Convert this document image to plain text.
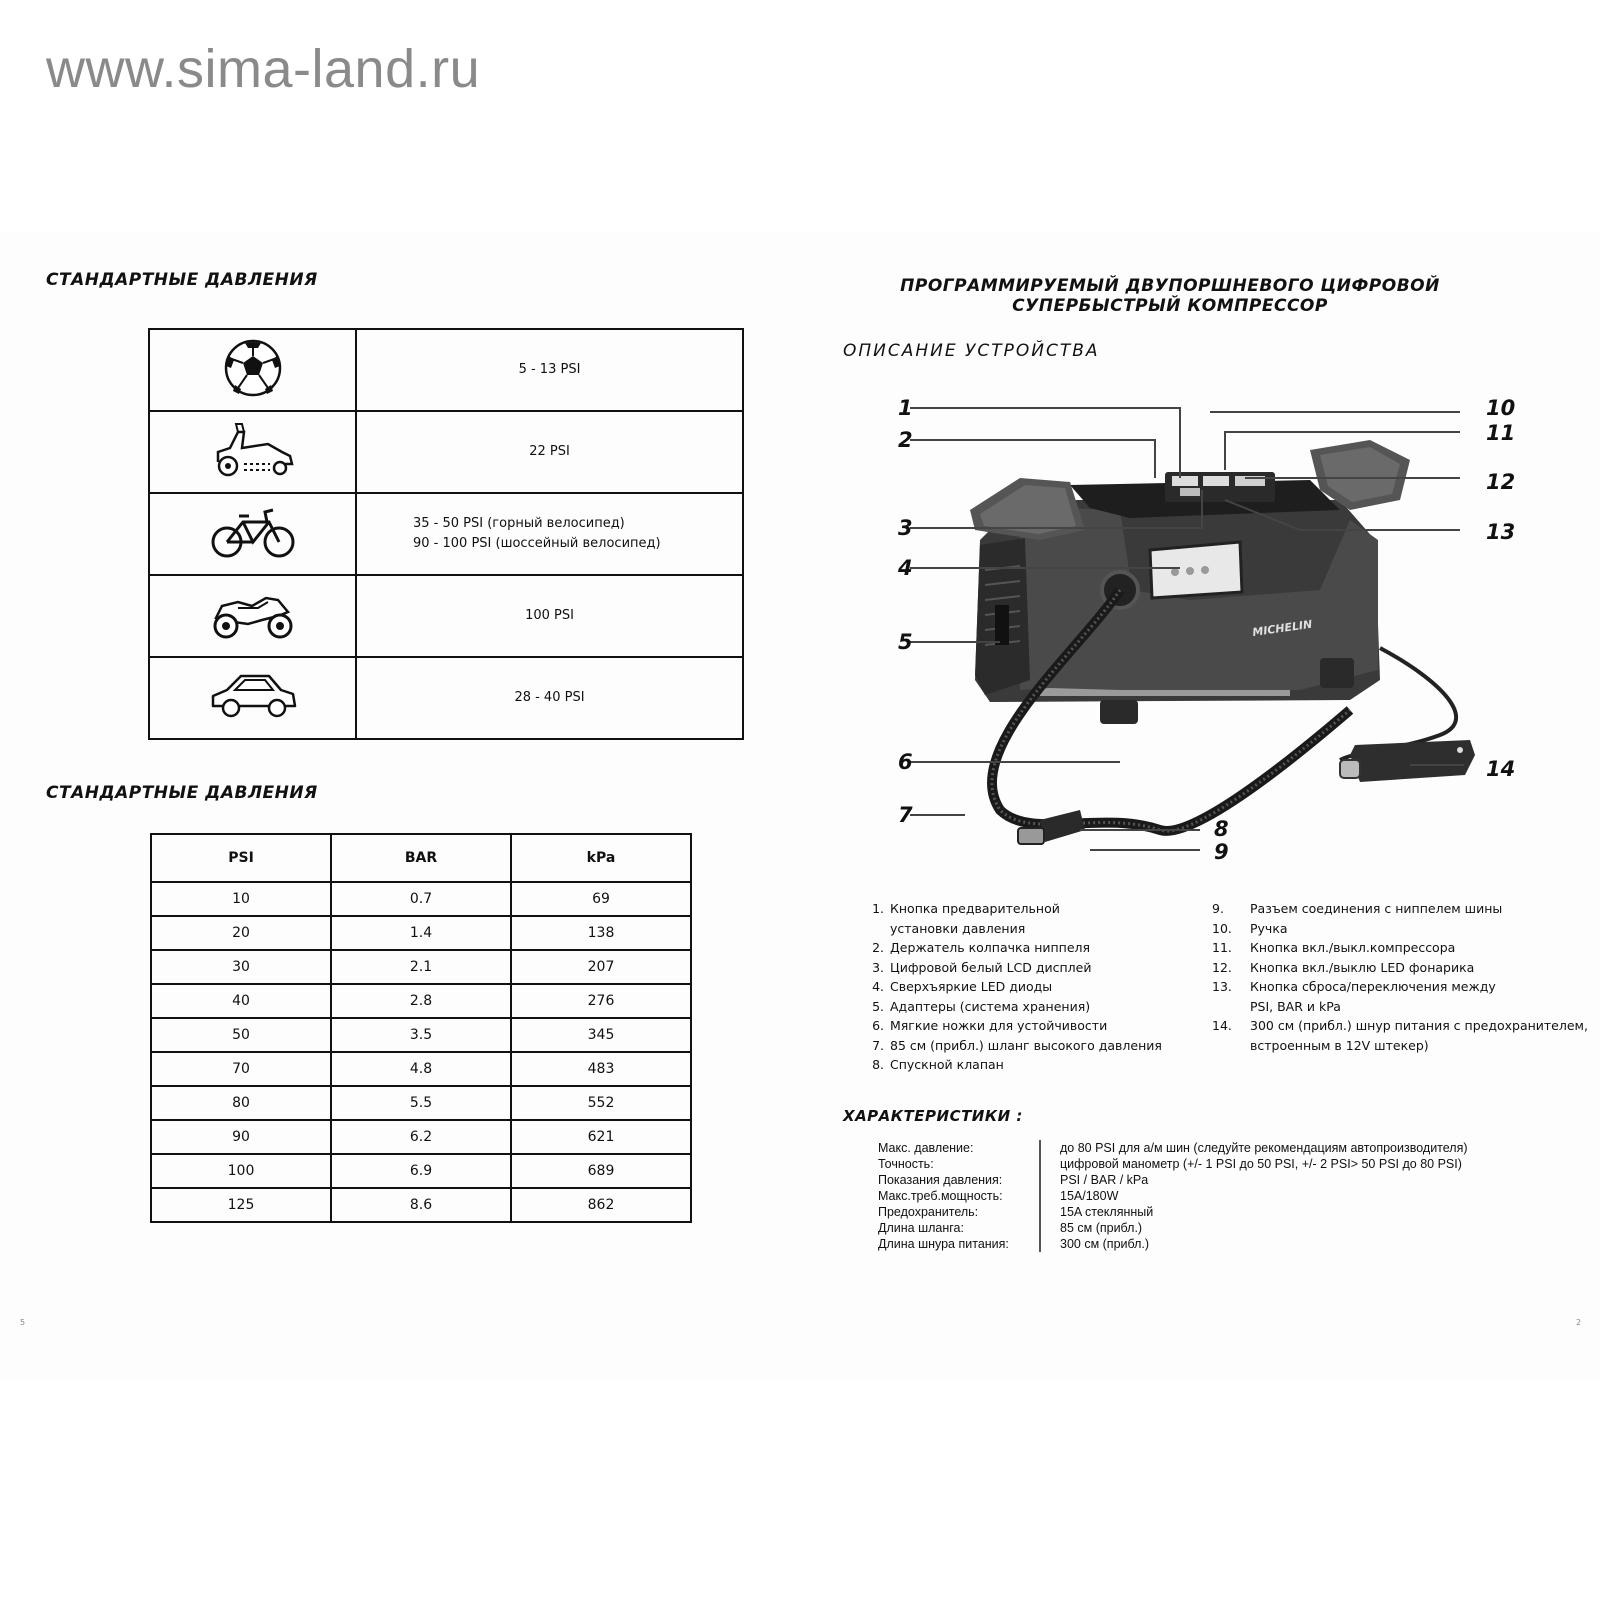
www.sima-land.ru
СТАНДАРТНЫЕ ДАВЛЕНИЯ
	5 - 13 PSI
	22 PSI

35 - 50 PSI (горный велосипед)
90 - 100 PSI (шоссейный велосипед)

	100 PSI
	28 - 40 PSI
СТАНДАРТНЫЕ ДАВЛЕНИЯ
PSI	BAR	kPa
10	0.7	69
20	1.4	138
30	2.1	207
40	2.8	276
50	3.5	345
70	4.8	483
80	5.5	552
90	6.2	621
100	6.9	689
125	8.6	862
5
ПРОГРАММИРУЕМЫЙ ДВУПОРШНЕВОГО ЦИФРОВОЙ
СУПЕРБЫСТРЫЙ КОМПРЕССОР
ОПИСАНИЕ УСТРОЙСТВА
MICHELIN
1
2
3
4
5
6
7
8
9
10
11
12
13
14
1. Кнопка предварительной
установки давления
2. Держатель колпачка ниппеля
3. Цифровой белый LCD дисплей
4. Сверхъяркие LED диоды
5. Адаптеры (система хранения)
6. Мягкие ножки для устойчивости
7. 85 см (прибл.) шланг высокого давления
8. Спускной клапан
9.	Разъем соединения с ниппелем шины
10.	Ручка
11.	Кнопка вкл./выкл.компрессора
12.	Кнопка вкл./выклю LED фонарика
13.	Кнопка сброса/переключения между
PSI, BAR и kPa
14.	300 см (прибл.) шнур питания с предохранителем,
встроенным в 12V штекер)
ХАРАКТЕРИСТИКИ :
Макс. давление:	до 80 PSI для а/м шин (следуйте рекомендациям автопроизводителя)
Точность:	цифровой манометр (+/- 1 PSI до 50 PSI, +/- 2 PSI> 50 PSI до 80 PSI)
Показания давления:	PSI / BAR / kPa
Макс.треб.мощность:	15A/180W
Предохранитель:	15A стеклянный
Длина шланга:	85 см (прибл.)
Длина шнура питания:	300 см (прибл.)
2
